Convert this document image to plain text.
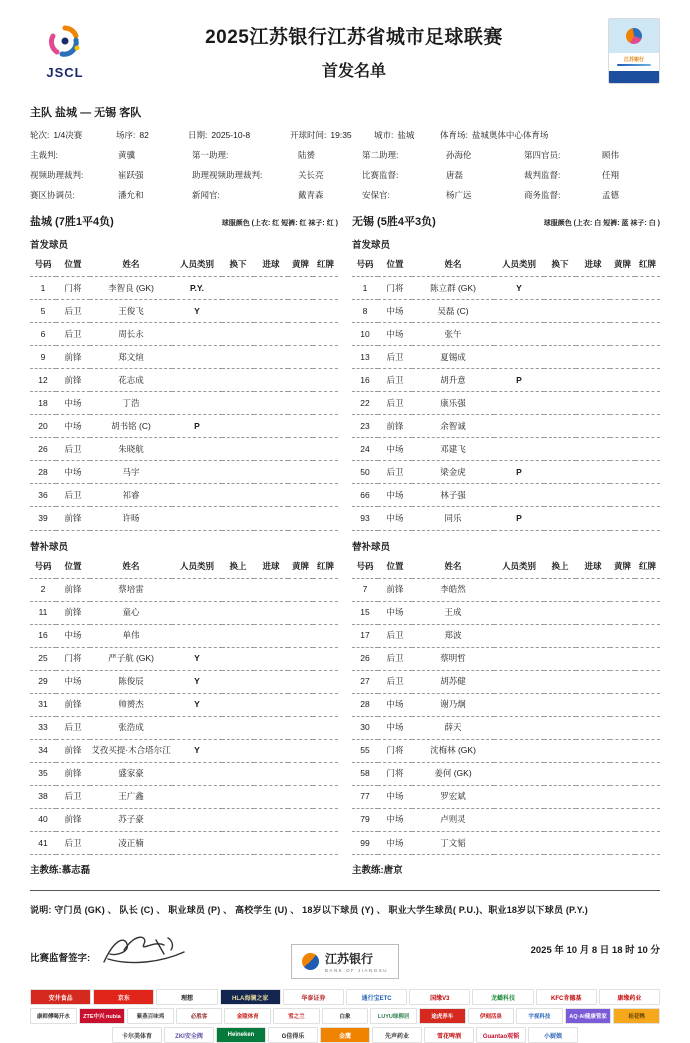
JSCL
2025江苏银行江苏省城市足球联赛
首发名单
江苏银行
主队 盐城 — 无锡 客队
轮次: 1/4决赛	场序: 82	日期: 2025-10-8	开球时间: 19:35	城市: 盐城	体育场: 盐城奥体中心体育场
主裁判:	黄骥	第一助理:	陆赟	第二助理:	孙海伦	第四官员:	顾伟
视频助理裁判:	崔跃强	助理视频助理裁判:	关长亮	比赛监督:	唐磊	裁判监督:	任翔
赛区协调员:	潘允和	新闻官:	戴青森	安保官:	杨广远	商务监督:	孟德
盐城 (7胜1平4负)	球服颜色 (上衣: 红 短裤: 红 袜子: 红 )
首发球员
号码	位置	姓名	人员类别	换下	进球	黄牌	红牌
1	门将	李智良 (GK)	P.Y.				
5	后卫	王俊飞	Y				
6	后卫	周长永					
9	前锋	郑文煊					
12	前锋	花志成					
18	中场	丁浩					
20	中场	胡书铭 (C)	P				
26	后卫	朱晓航					
28	中场	马宇					
36	后卫	祁睿					
39	前锋	许旸					
替补球员
号码	位置	姓名	人员类别	换上	进球	黄牌	红牌
2	前锋	蔡培雷					
11	前锋	童心					
16	中场	单伟					
25	门将	严子航 (GK)	Y				
29	中场	陈俊辰	Y				
31	前锋	帅赟杰	Y				
33	后卫	张浩成					
34	前锋	艾孜买提·木合塔尔江	Y				
35	前锋	盛家豪					
38	后卫	王广鑫					
40	前锋	苏子豪					
41	后卫	凌正楠					
主教练:慕志磊
无锡 (5胜4平3负)	球服颜色 (上衣: 白 短裤: 蓝 袜子: 白 )
首发球员
号码	位置	姓名	人员类别	换下	进球	黄牌	红牌
1	门将	陈立群 (GK)	Y				
8	中场	吴磊 (C)					
10	中场	张午					
13	后卫	夏锡成					
16	后卫	胡升意	P				
22	后卫	康乐强					
23	前锋	余智诚					
24	中场	邓建飞					
50	后卫	梁金虎	P				
66	中场	林子强					
93	中场	同乐	P				
替补球员
号码	位置	姓名	人员类别	换上	进球	黄牌	红牌
7	前锋	李皓然					
15	中场	王成					
17	后卫	郑波					
26	后卫	蔡明哲					
27	后卫	胡苏健					
28	中场	谢乃炯					
30	中场	薛天					
55	门将	沈梅林 (GK)					
58	门将	姜何 (GK)					
77	中场	罗宏斌					
79	中场	卢则灵					
99	中场	丁文韬					
主教练:唐京
说明: 守门员 (GK) 、 队长 (C) 、 职业球员 (P) 、 高校学生 (U) 、 18岁以下球员 (Y) 、 职业大学生球员( P.U.)、职业18岁以下球员 (P.Y.)
比赛监督签字:	江苏银行
BANK OF JIANGSU
2025 年 10 月 8 日 18 时 10 分
安井食品	京东	理想	HLA海澜之家	华泰证券	通行宝ETC	国缘V3	龙蟠科技	KFC肯德基	康缘药业
康师傅喝开水	ZTE中兴 nubia	紫燕百味鸡	必胜客	金陵体育	雪之兰	白象	LUYU绿柳居	途虎养车	伊刻活泉	宇视科技	AQ·AI健康管家	桂花鸭
卡尔美体育	ZKI安全阀	Heineken	G佳得乐	金鹰	先声药业	雪花啤酒	Guantao观韬	小厨娘
